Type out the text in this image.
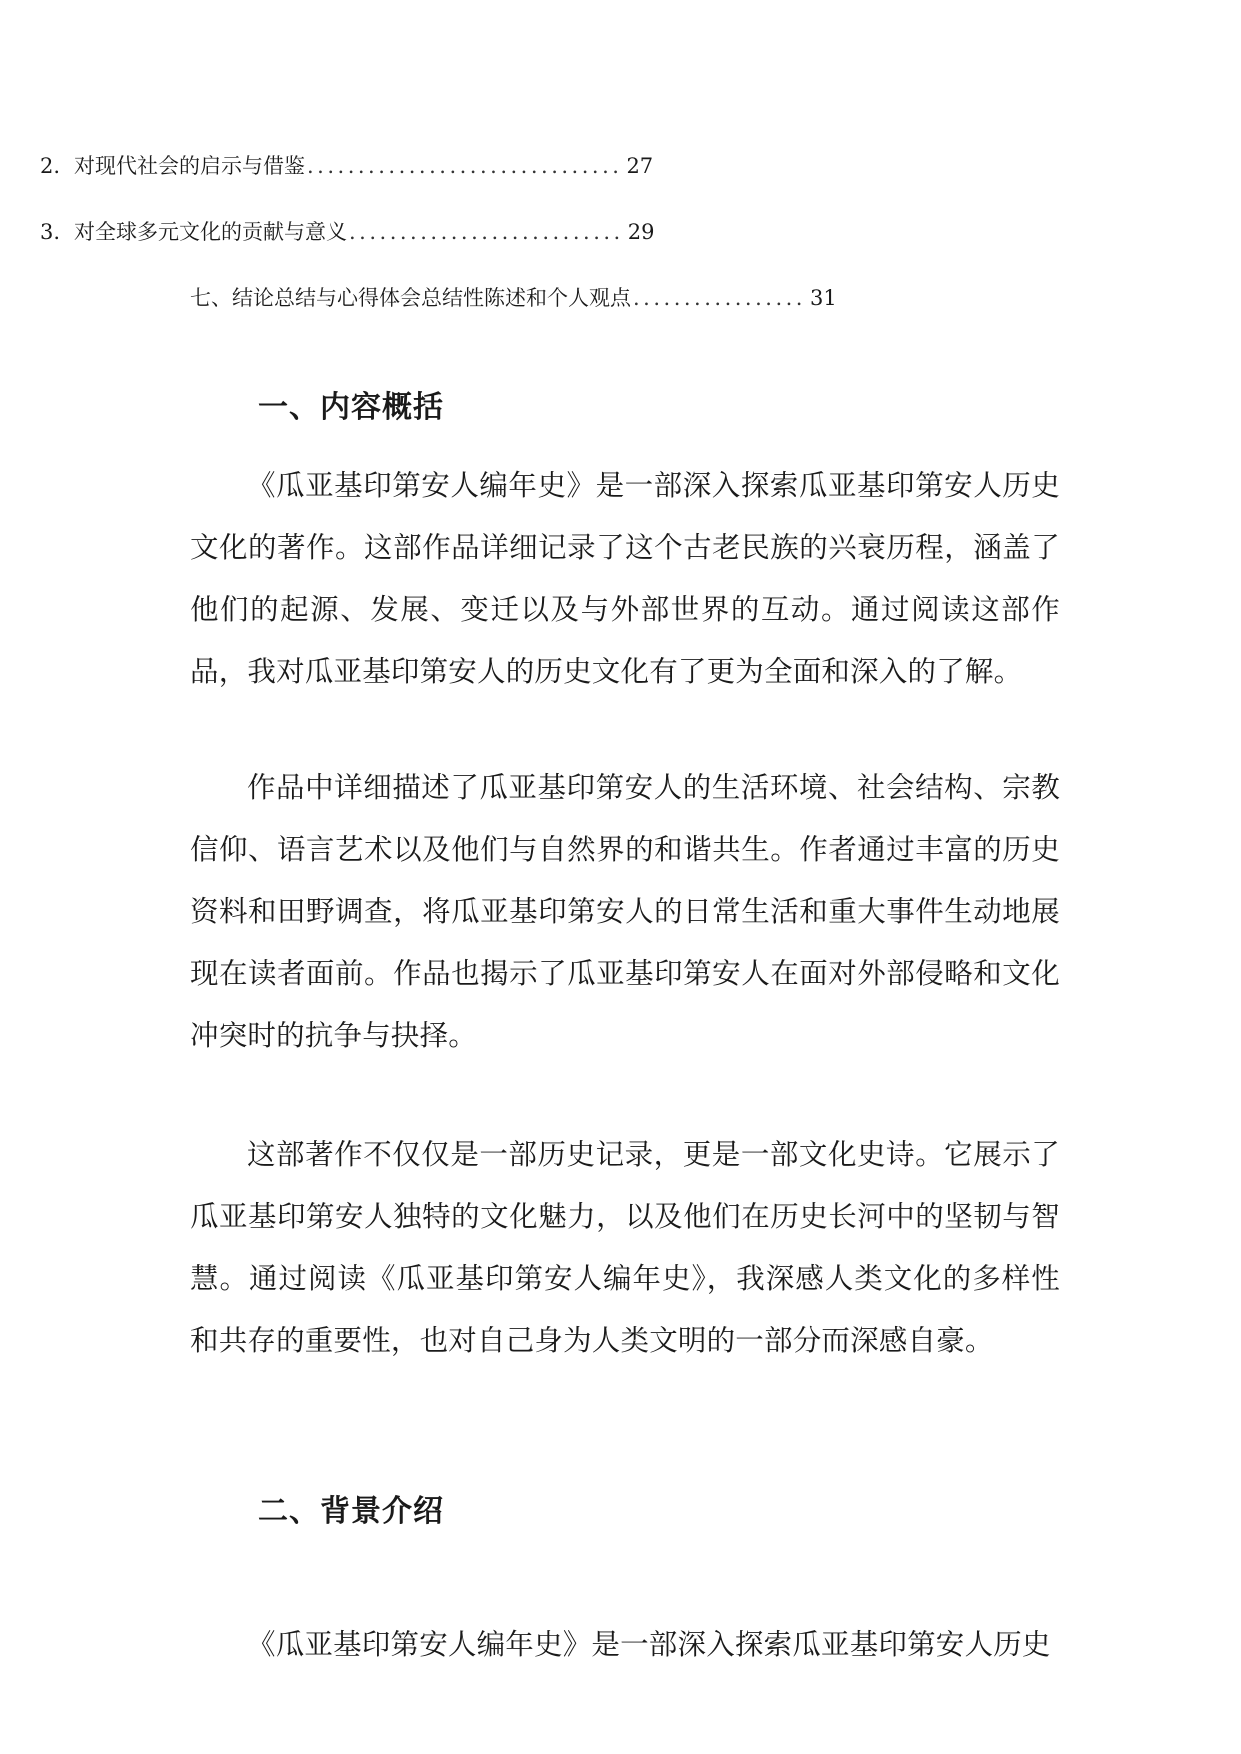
2. 对现代社会的启示与借鉴 ............................... 27
3. 对全球多元文化的贡献与意义 ........................... 29
七、结论总结与心得体会总结性陈述和个人观点 ................. 31
一、内容概括

《瓜亚基印第安人编年史》是一部深入探索瓜亚基印第安人历史文化的著作。这部作品详细记录了这个古老民族的兴衰历程，涵盖了他们的起源、发展、变迁以及与外部世界的互动。通过阅读这部作品，我对瓜亚基印第安人的历史文化有了更为全面和深入的了解。

作品中详细描述了瓜亚基印第安人的生活环境、社会结构、宗教信仰、语言艺术以及他们与自然界的和谐共生。作者通过丰富的历史资料和田野调查，将瓜亚基印第安人的日常生活和重大事件生动地展现在读者面前。作品也揭示了瓜亚基印第安人在面对外部侵略和文化冲突时的抗争与抉择。

这部著作不仅仅是一部历史记录，更是一部文化史诗。它展示了瓜亚基印第安人独特的文化魅力，以及他们在历史长河中的坚韧与智慧。通过阅读《瓜亚基印第安人编年史》，我深感人类文化的多样性和共存的重要性，也对自己身为人类文明的一部分而深感自豪。

二、背景介绍

《瓜亚基印第安人编年史》是一部深入探索瓜亚基印第安人历史
